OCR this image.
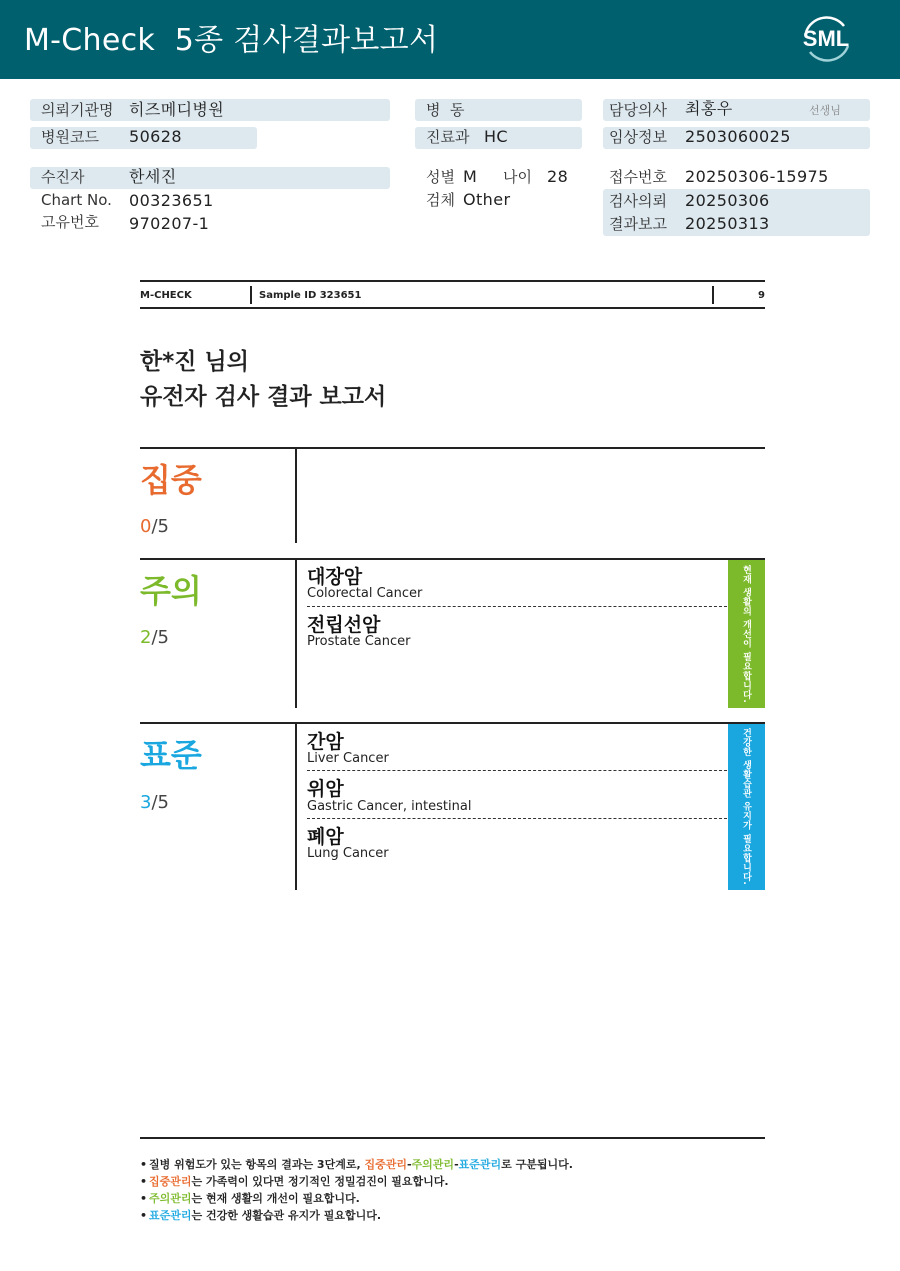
M-Check  5종 검사결과보고서	SML
의뢰기관명 히즈메디병원
병원코드 50628
병  동
진료과 HC
담당의사 최홍우	선생님
임상정보 2503060025
수진자	한세진
Chart No. 00323651
고유번호 970207-1
성별 M 나이 28
검체 Other
접수번호 20250306-15975
검사의뢰 20250306
결과보고 20250313
M-CHECK	Sample ID 323651	9
한*진 님의
유전자 검사 결과 보고서
집중
0/5
주의
2/5
대장암
Colorectal Cancer
전립선암
Prostate Cancer	현재 생활의 개선이 필요합니다.
표준
3/5
간암
Liver Cancer
위암
Gastric Cancer, intestinal
폐암
Lung Cancer	건강한 생활습관 유지가 필요합니다.
• 질병 위험도가 있는 항목의 결과는 3단계로, 집중관리-주의관리-표준관리로 구분됩니다.
• 집중관리는 가족력이 있다면 정기적인 정밀검진이 필요합니다.
• 주의관리는 현재 생활의 개선이 필요합니다.
• 표준관리는 건강한 생활습관 유지가 필요합니다.
